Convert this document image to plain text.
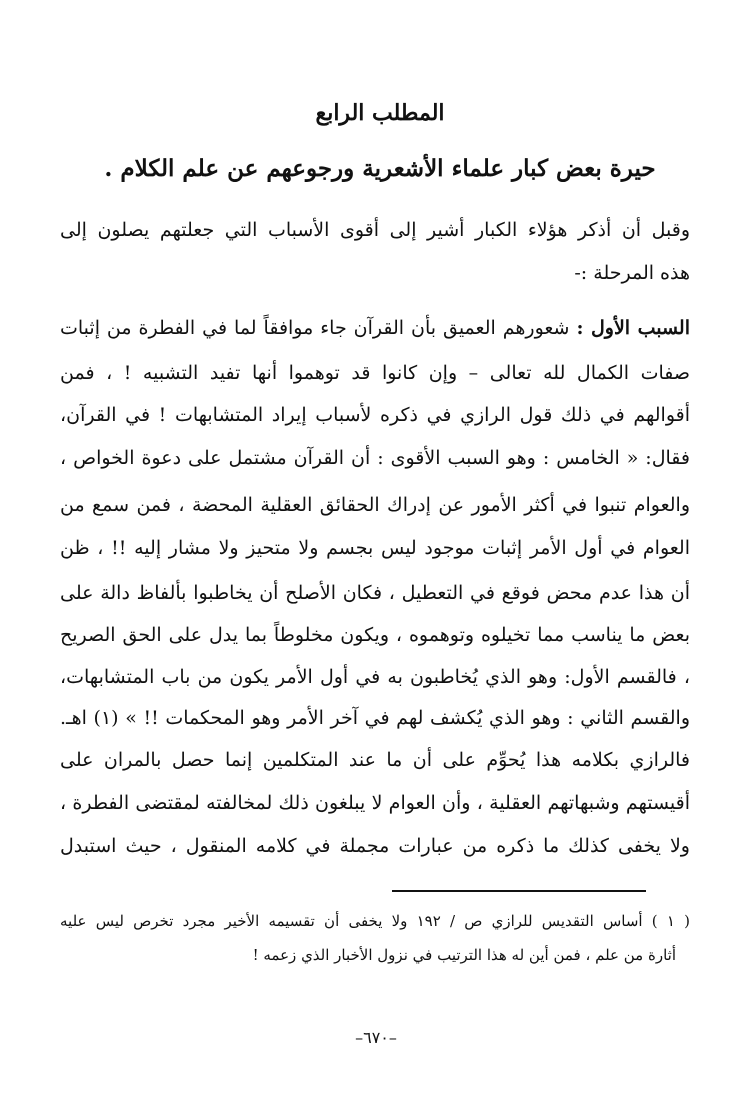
المطلب الرابع
حيرة بعض كبار علماء الأشعرية ورجوعهم عن علم الكلام .
وقبل أن أذكر هؤلاء الكبار أشير إلى أقوى الأسباب التي جعلتهم يصلون إلى
هذه المرحلة :-
السبب الأول : شعورهم العميق بأن القرآن جاء موافقاً لما في الفطرة من إثبات
صفات الكمال لله تعالى – وإن كانوا قد توهموا أنها تفيد التشبيه ! ، فمن
أقوالهم في ذلك قول الرازي في ذكره لأسباب إيراد المتشابهات ! في القرآن،
فقال: « الخامس : وهو السبب الأقوى : أن القرآن مشتمل على دعوة الخواص ،
والعوام تنبوا في أكثر الأمور عن إدراك الحقائق العقلية المحضة ، فمن سمع من
العوام في أول الأمر إثبات موجود ليس بجسم ولا متحيز ولا مشار إليه !! ، ظن
أن هذا عدم محض فوقع في التعطيل ، فكان الأصلح أن يخاطبوا بألفاظ دالة على
بعض ما يناسب مما تخيلوه وتوهموه ، ويكون مخلوطاً بما يدل على الحق الصريح
، فالقسم الأول: وهو الذي يُخاطبون به في أول الأمر يكون من باب المتشابهات،
والقسم الثاني : وهو الذي يُكشف لهم في آخر الأمر وهو المحكمات !! » (١) اهـ.
فالرازي بكلامه هذا يُحوِّم على أن ما عند المتكلمين إنما حصل بالمران على
أقيستهم وشبهاتهم العقلية ، وأن العوام لا يبلغون ذلك لمخالفته لمقتضى الفطرة ،
ولا يخفى كذلك ما ذكره من عبارات مجملة في كلامه المنقول ، حيث استبدل
( ١ ) أساس التقديس للرازي ص / ١٩٢ ولا يخفى أن تقسيمه الأخير مجرد تخرص ليس عليه
أثارة من علم ، فمن أين له هذا الترتيب في نزول الأخبار الذي زعمه !
–٦٧٠–
